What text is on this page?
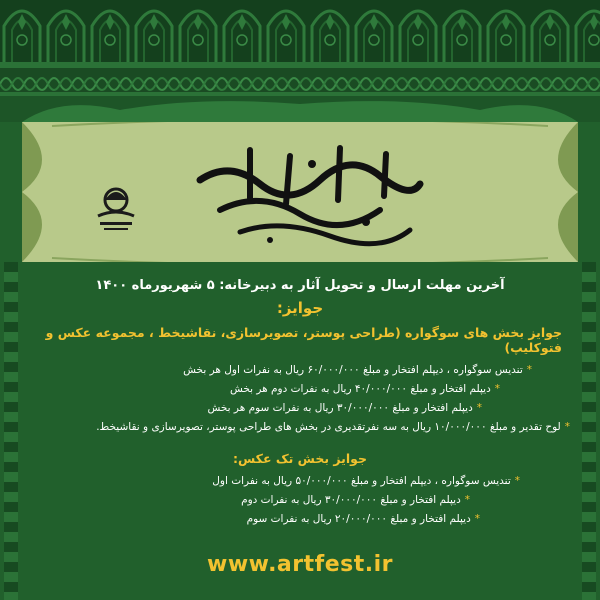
آخرین مهلت ارسال و تحویل آثار به دبیرخانه: ۵ شهریورماه ۱۴۰۰
جوایز:
جوایز بخش های سوگواره (طراحی پوستر، تصویرسازی، نقاشیخط ، مجموعه عکس و فتوکلیپ)
*تندیس سوگواره ، دیپلم افتخار و مبلغ ۶۰/۰۰۰/۰۰۰ ریال به نفرات اول هر بخش
*دیپلم افتخار و مبلغ ۴۰/۰۰۰/۰۰۰ ریال به نفرات دوم هر بخش
*دیپلم افتخار و مبلغ ۳۰/۰۰۰/۰۰۰ ریال به نفرات سوم هر بخش
*لوح تقدیر و مبلغ ۱۰/۰۰۰/۰۰۰ ریال به سه نفرتقدیری در بخش های طراحی پوستر، تصویرسازی و نقاشیخط.
جوایز بخش تک عکس:
*تندیس سوگواره ، دیپلم افتخار و مبلغ ۵۰/۰۰۰/۰۰۰ ریال به نفرات اول
*دیپلم افتخار و مبلغ ۳۰/۰۰۰/۰۰۰ ریال به نفرات دوم
*دیپلم افتخار و مبلغ ۲۰/۰۰۰/۰۰۰ ریال به نفرات سوم
www.artfest.ir
